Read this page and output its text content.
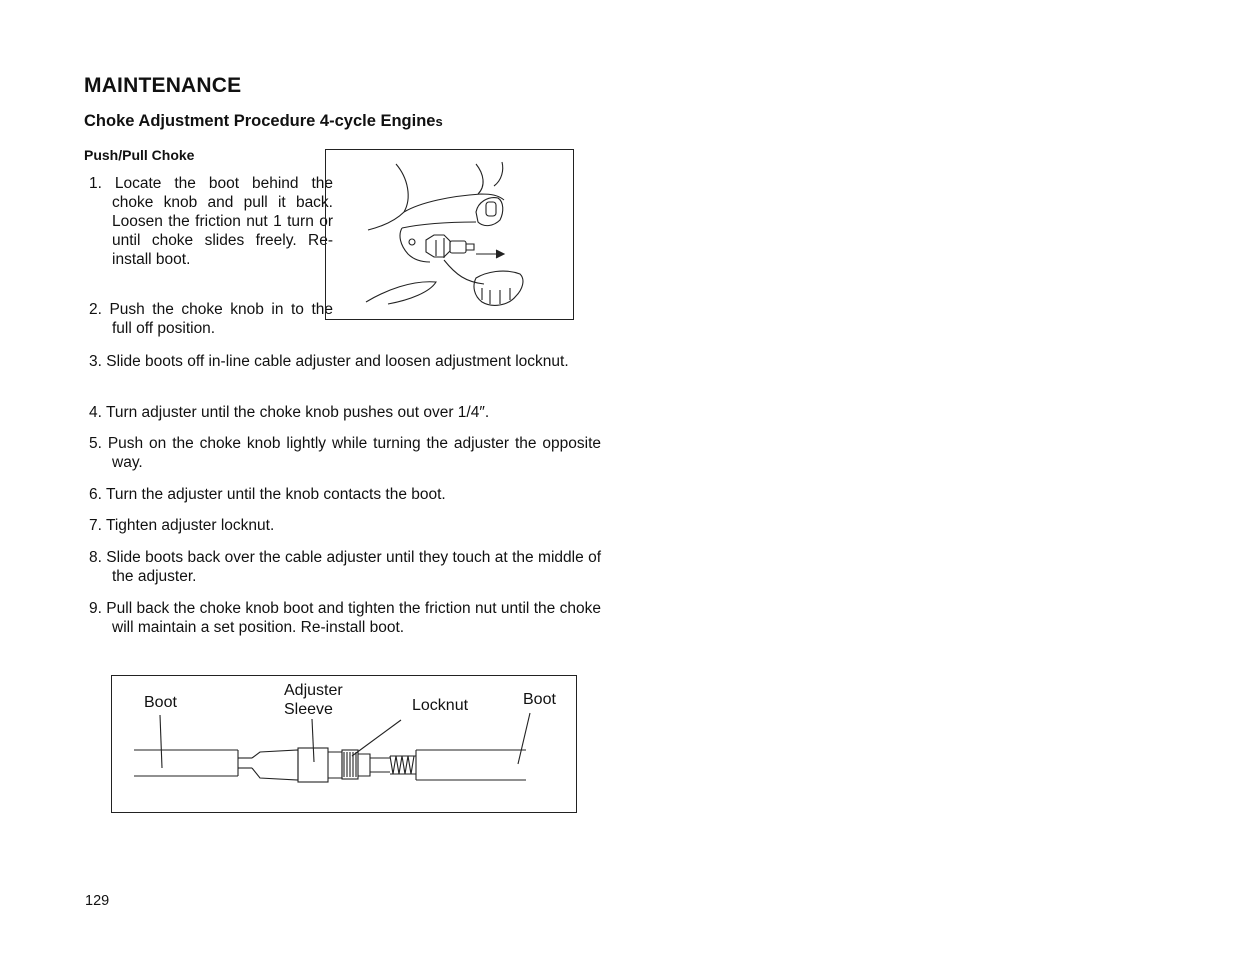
MAINTENANCE
Choke Adjustment Procedure 4-cycle Engines
Push/Pull Choke
1. Locate the boot behind the choke knob and pull it back. Loosen the friction nut 1 turn or until choke slides freely. Re-install boot.
2. Push the choke knob in to the full off position.
3. Slide boots off in-line cable adjuster and loosen adjustment locknut.
4. Turn adjuster until the choke knob pushes out over 1/4″.
5. Push on the choke knob lightly while turning the adjuster the opposite way.
6. Turn the adjuster until the knob contacts the boot.
7. Tighten adjuster locknut.
8. Slide boots back over the cable adjuster until they touch at the middle of the adjuster.
9. Pull back the choke knob boot and tighten the friction nut until the choke will maintain a set position. Re-install boot.
Boot
Adjuster
Sleeve	Locknut	Boot
129
